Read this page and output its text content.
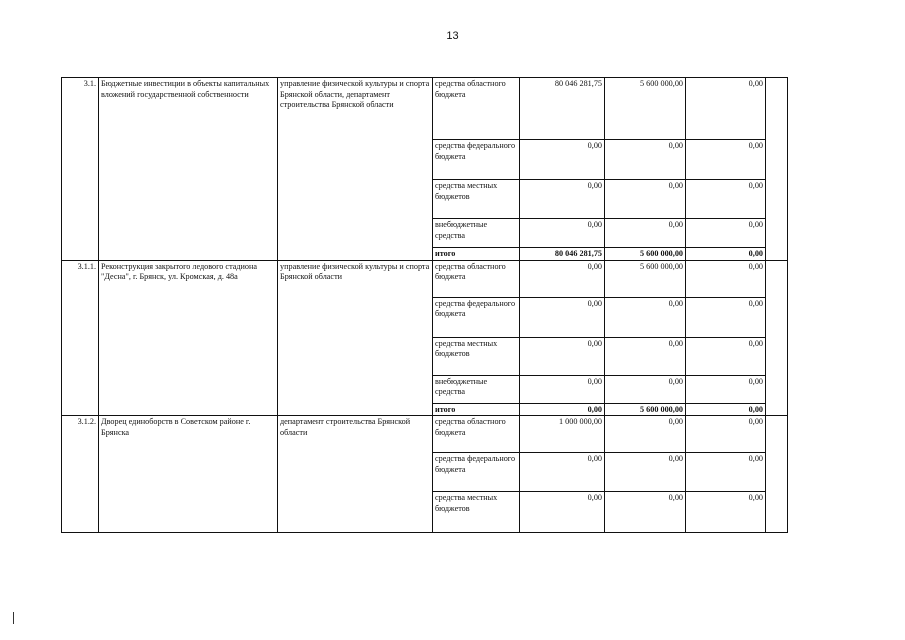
13
3.1.	Бюджетные инвестиции в объекты капитальных вложений государственной собственности	управление физической культуры и спорта Брянской области, департамент строительства Брянской области	средства областного бюджета	80 046 281,75	5 600 000,00	0,00	
			средства федерального бюджета	0,00	0,00	0,00	
			средства местных бюджетов	0,00	0,00	0,00	
			внебюджетные средства	0,00	0,00	0,00	
			итого	80 046 281,75	5 600 000,00	0,00	
3.1.1.	Реконструкция закрытого ледового стадиона "Десна", г. Брянск, ул. Кромская, д. 48а	управление физической культуры и спорта Брянской области	средства областного бюджета	0,00	5 600 000,00	0,00	
			средства федерального бюджета	0,00	0,00	0,00	
			средства местных бюджетов	0,00	0,00	0,00	
			внебюджетные средства	0,00	0,00	0,00	
			итого	0,00	5 600 000,00	0,00	
3.1.2.	Дворец единоборств в Советском районе г. Брянска	департамент строительства Брянской области	средства областного бюджета	1 000 000,00	0,00	0,00	
			средства федерального бюджета	0,00	0,00	0,00	
			средства местных бюджетов	0,00	0,00	0,00	
